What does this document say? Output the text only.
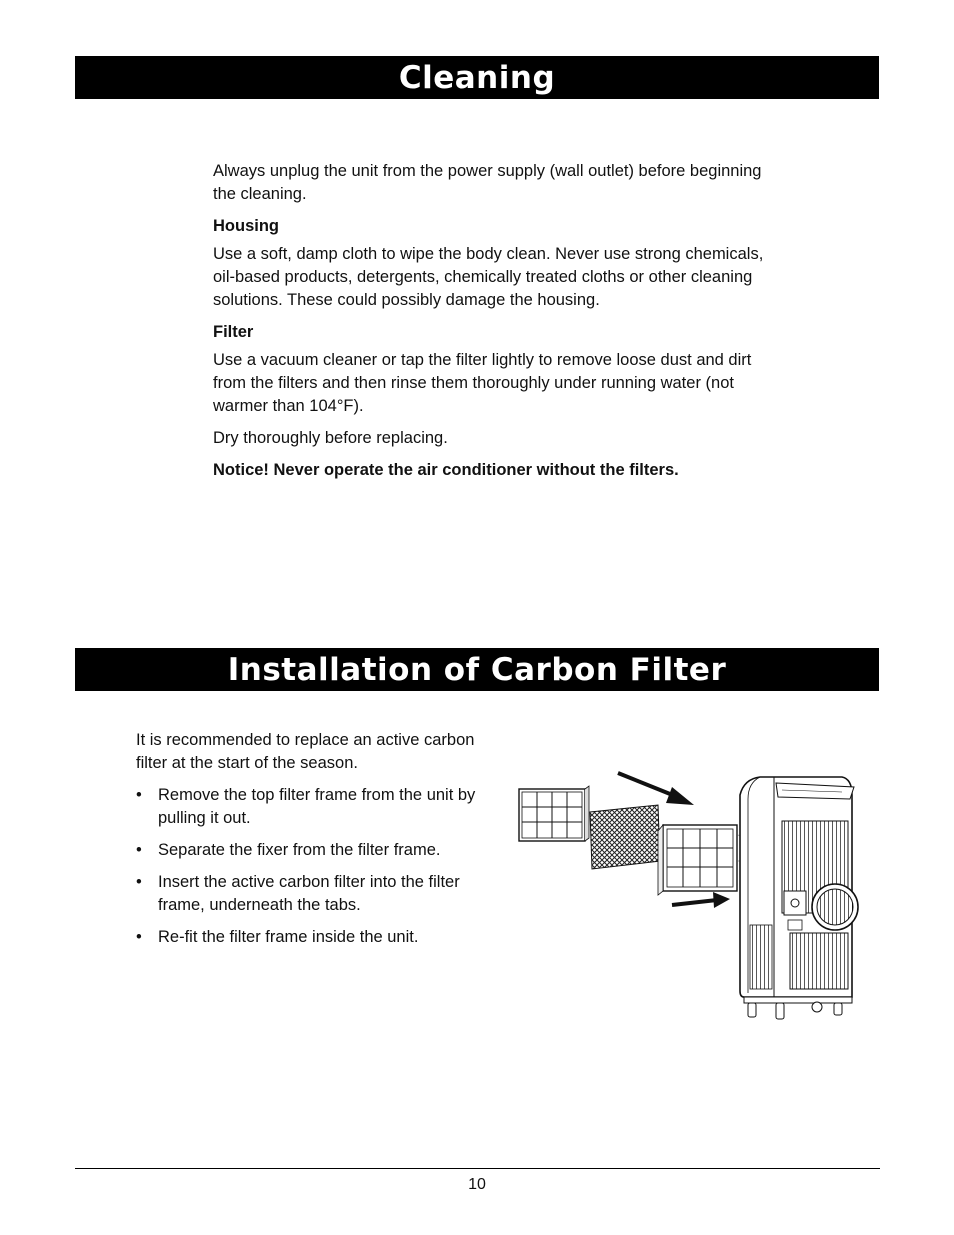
Cleaning

Always unplug the unit from the power supply (wall outlet) before beginning the cleaning.

Housing

Use a soft, damp cloth to wipe the body clean. Never use strong chemicals, oil-based products, detergents, chemically treated cloths or other cleaning solutions. These could possibly damage the housing.

Filter

Use a vacuum cleaner or tap the filter lightly to remove loose dust and dirt from the filters and then rinse them thoroughly under running water (not warmer than 104°F).

Dry thoroughly before replacing.

Notice! Never operate the air conditioner without the filters.

Installation of Carbon Filter

It is recommended to replace an active carbon filter at the start of the season.

• Remove the top filter frame from the unit by pulling it out.
• Separate the fixer from the filter frame.
• Insert the active carbon filter into the filter frame, underneath the tabs.
• Re-fit the filter frame inside the unit.
10
